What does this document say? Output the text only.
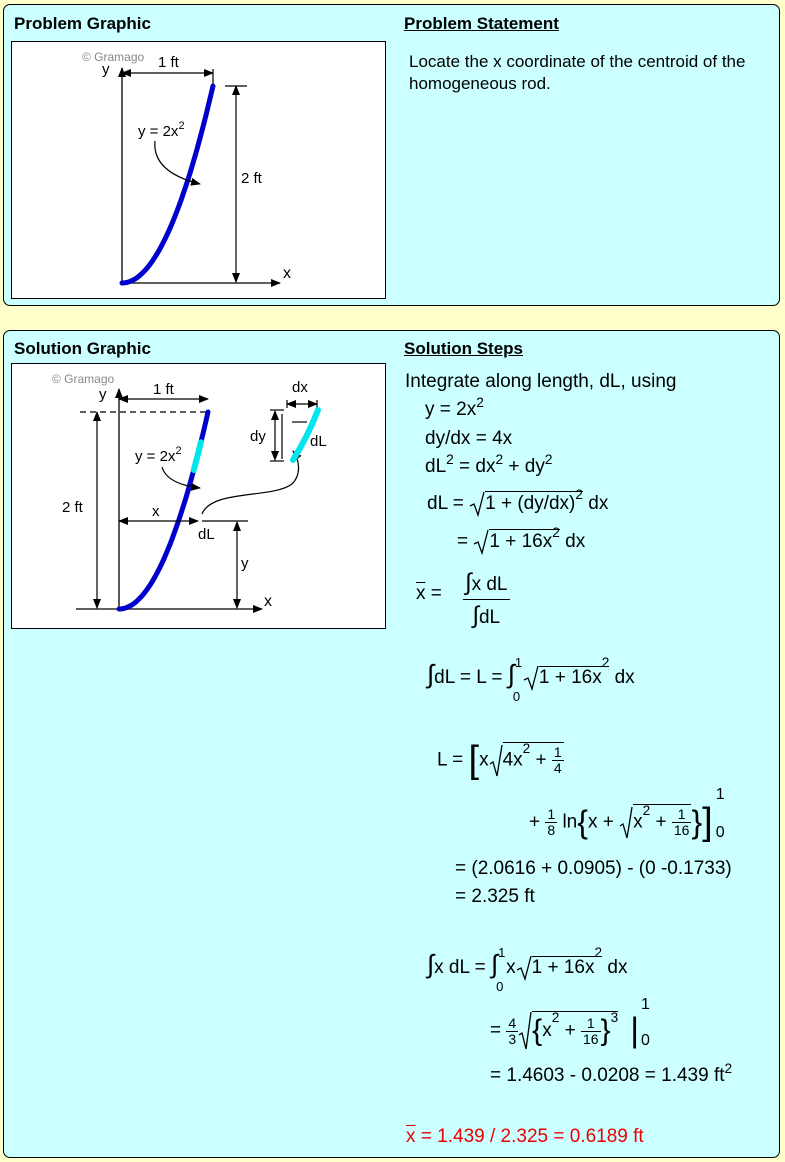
Problem Graphic	Problem Statement
Locate the x coordinate of the centroid of the homogeneous rod.
© Gramago
y
x
1 ft
2 ft
$y = 2x^2$
Solution Graphic	Solution Steps
© Gramago
y
x
1 ft
2 ft	x
y
dL
$y = 2x^2$
dx
dy	dL
Integrate along length, dL, using
$y = 2x^2$
dy/dx = 4x
$dL^2 = dx^2 + dy^2$
dL = $1 + (dy/dx)^2$ dx
= $1 + 16x^2$ dx
$\overline{x} = \int x$ dL
∫dL
∫dL = L = ∫ 1
0
$1 + 16x^2$ dx
L = [x $4x^2 + \frac{1}{4}$
+ $\frac{1}{8} \ln\{x + x^2 + \frac{1}{16}$ }]
1
0
= (2.0616 + 0.0905) - (0 -0.1733)
= 2.325 ft
∫x dL = ∫ 1
0
x $1 + 16x^2$ dx
= $\frac{4}{3} \{x^2 + \frac{1}{16} \}^3$ |
1
0
= 1.4603 - 0.0208 = 1.439 $ft^2$
$\overline{x} = 1.439 / 2.325 = 0.6189$ ft
